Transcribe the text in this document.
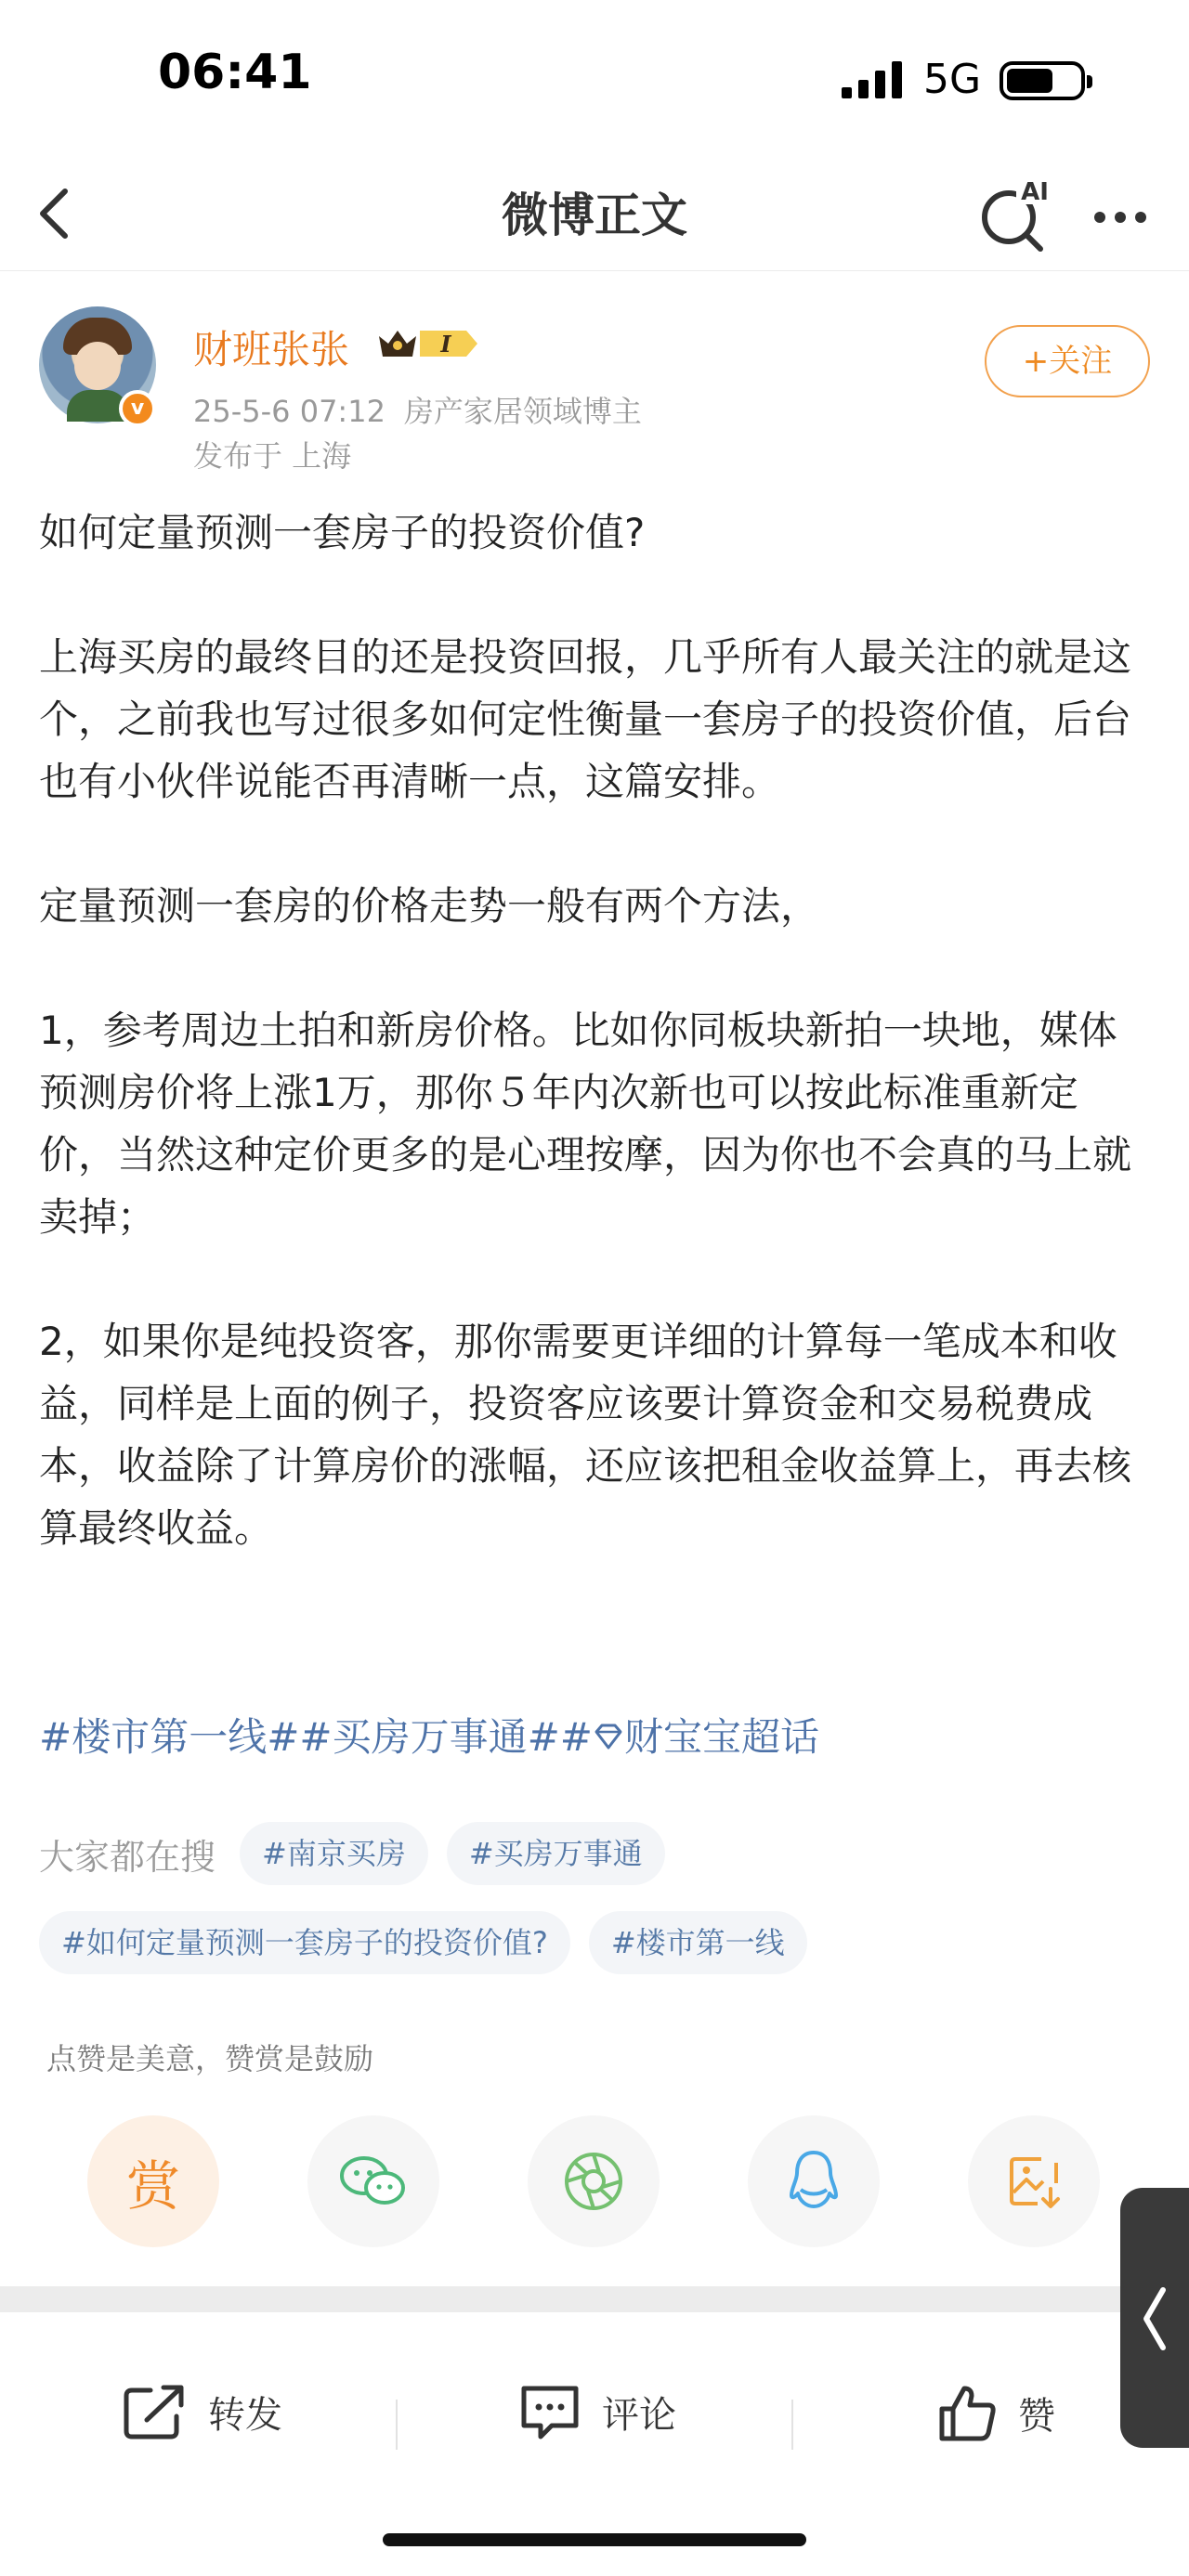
06:41	5G
微博正文	AI
v
财班张张	I
25-5-6 07:12 房产家居领域博主
发布于 上海
+关注

如何定量预测一套房子的投资价值?

上海买房的最终目的还是投资回报，几乎所有人最关注的就是这个，之前我也写过很多如何定性衡量一套房子的投资价值，后台也有小伙伴说能否再清晰一点，这篇安排。

定量预测一套房的价格走势一般有两个方法，

1，参考周边土拍和新房价格。比如你同板块新拍一块地，媒体预测房价将上涨1万，那你５年内次新也可以按此标准重新定价，当然这种定价更多的是心理按摩，因为你也不会真的马上就卖掉；

2，如果你是纯投资客，那你需要更详细的计算每一笔成本和收益，同样是上面的例子，投资客应该要计算资金和交易税费成本，收益除了计算房价的涨幅，还应该把租金收益算上，再去核算最终收益。

#楼市第一线##买房万事通## 财宝宝超话
大家都在搜	#南京买房	#买房万事通
#如何定量预测一套房子的投资价值?	#楼市第一线
点赞是美意，赞赏是鼓励
赏
转发	评论	赞
